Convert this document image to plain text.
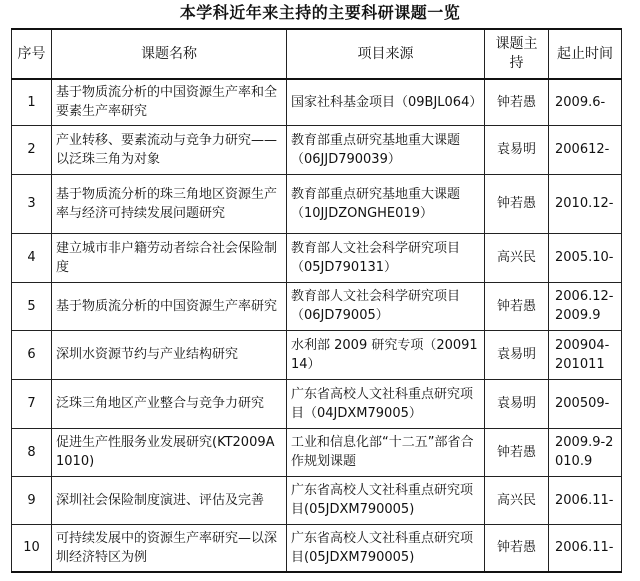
本学科近年来主持的主要科研课题一览
序号	课题名称	项目来源	课题主持	起止时间
1	基于物质流分析的中国资源生产率和全要素生产率研究	国家社科基金项目（09BJL064）	钟若愚	2009.6-
2	产业转移、要素流动与竞争力研究——以泛珠三角为对象	教育部重点研究基地重大课题（06JJD790039）	袁易明	200612-
3	基于物质流分析的珠三角地区资源生产率与经济可持续发展问题研究	教育部重点研究基地重大课题（10JJDZONGHE019）	钟若愚	2010.12-
4	建立城市非户籍劳动者综合社会保险制度	教育部人文社会科学研究项目（05JD790131）	高兴民	2005.10-
5	基于物质流分析的中国资源生产率研究	教育部人文社会科学研究项目（06JD79005）	钟若愚	2006.12-2009.9
6	深圳水资源节约与产业结构研究	水利部 2009 研究专项（2009114）	袁易明	200904-201011
7	泛珠三角地区产业整合与竞争力研究	广东省高校人文社科重点研究项目（04JDXM79005）	袁易明	200509-
8	促进生产性服务业发展研究(KT2009A1010)	工业和信息化部“十二五”部省合作规划课题	钟若愚	2009.9-2010.9
9	深圳社会保险制度演进、评估及完善	广东省高校人文社科重点研究项目(05JDXM790005)	高兴民	2006.11-
10	可持续发展中的资源生产率研究—以深圳经济特区为例	广东省高校人文社科重点研究项目(05JDXM790005)	钟若愚	2006.11-
